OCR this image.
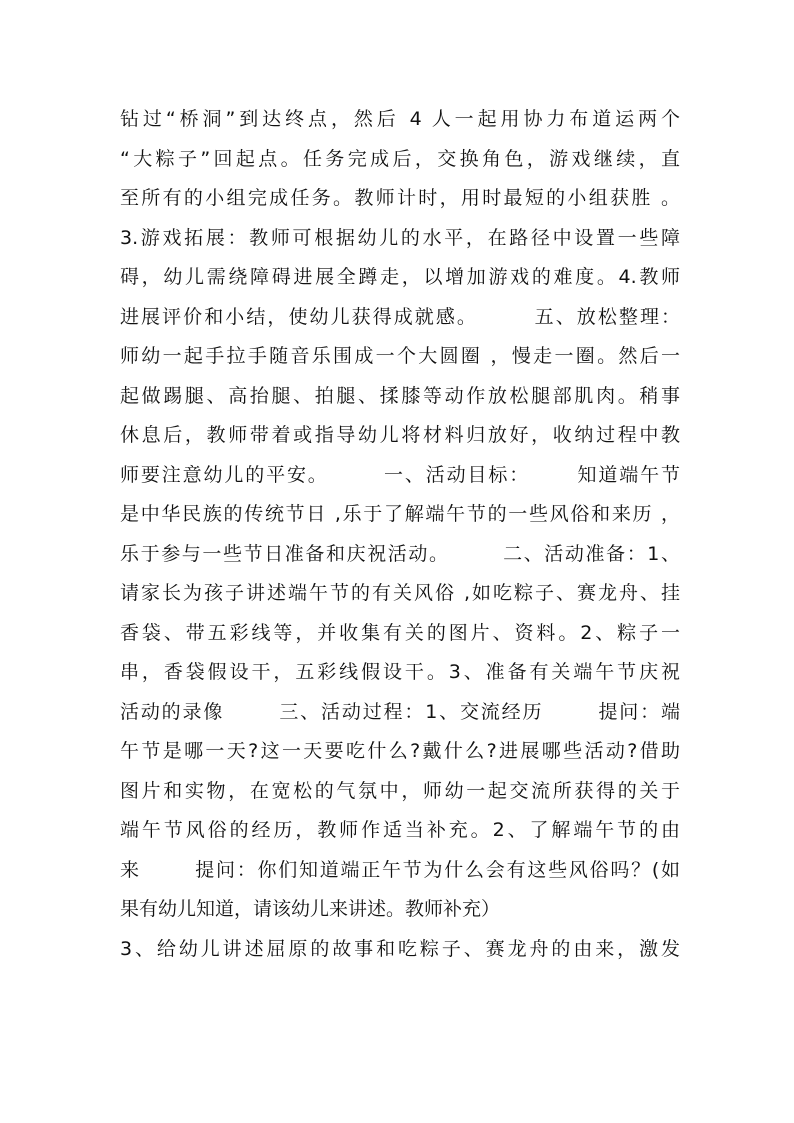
钻过“桥洞”到达终点，然后 4 人一起用协力布道运两个
“大粽子”回起点。任务完成后，交换角色，游戏继续，直
至所有的小组完成任务。教师计时，用时最短的小组获胜 。
3.游戏拓展：教师可根据幼儿的水平，在路径中设置一些障
碍，幼儿需绕障碍进展全蹲走，以增加游戏的难度。4.教师
进展评价和小结，使幼儿获得成就感。       五、放松整理：
师幼一起手拉手随音乐围成一个大圆圈 ，慢走一圈。然后一
起做踢腿、高抬腿、拍腿、揉膝等动作放松腿部肌肉。稍事
休息后，教师带着或指导幼儿将材料归放好，收纳过程中教
师要注意幼儿的平安。       一、活动目标：      知道端午节
是中华民族的传统节日 ,乐于了解端午节的一些风俗和来历 ，
乐于参与一些节日准备和庆祝活动。       二、活动准备：1、
请家长为孩子讲述端午节的有关风俗 ,如吃粽子、赛龙舟、挂
香袋、带五彩线等，并收集有关的图片、资料。2、粽子一
串，香袋假设干，五彩线假设干。3、准备有关端午节庆祝
活动的录像       三、活动过程：1、交流经历       提问：端
午节是哪一天?这一天要吃什么?戴什么?进展哪些活动?借助
图片和实物，在宽松的气氛中，师幼一起交流所获得的关于
端午节风俗的经历，教师作适当补充。2、了解端午节的由
来       提问：你们知道端正午节为什么会有这些风俗吗？(如
果有幼儿知道，请该幼儿来讲述。教师补充）
3、给幼儿讲述屈原的故事和吃粽子、赛龙舟的由来，激发
